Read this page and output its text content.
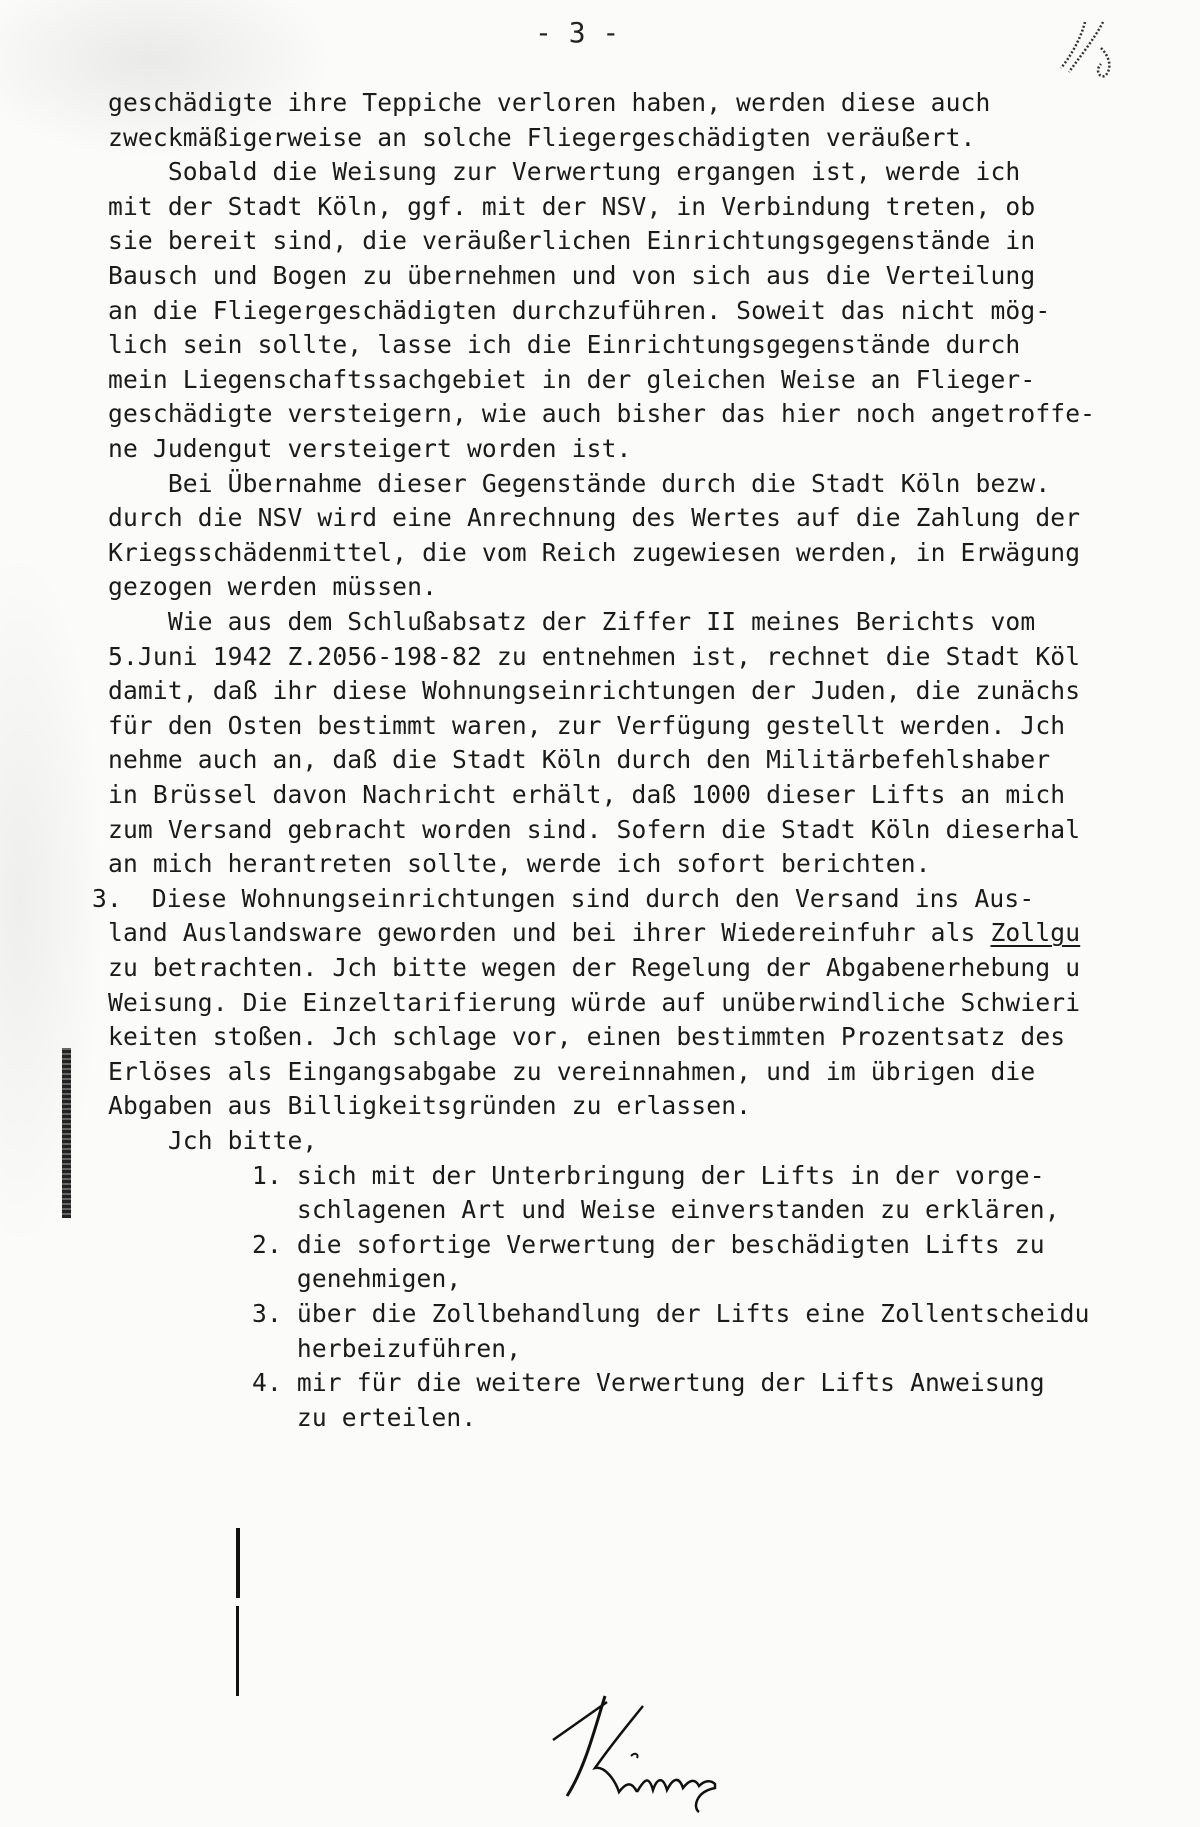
- 3 -
geschädigte ihre Teppiche verloren haben, werden diese auch
zweckmäßigerweise an solche Fliegergeschädigten veräußert.
Sobald die Weisung zur Verwertung ergangen ist, werde ich
mit der Stadt Köln, ggf. mit der NSV, in Verbindung treten, ob
sie bereit sind, die veräußerlichen Einrichtungsgegenstände in
Bausch und Bogen zu übernehmen und von sich aus die Verteilung
an die Fliegergeschädigten durchzuführen. Soweit das nicht mög-
lich sein sollte, lasse ich die Einrichtungsgegenstände durch
mein Liegenschaftssachgebiet in der gleichen Weise an Flieger-
geschädigte versteigern, wie auch bisher das hier noch angetroffe-
ne Judengut versteigert worden ist.
Bei Übernahme dieser Gegenstände durch die Stadt Köln bezw.
durch die NSV wird eine Anrechnung des Wertes auf die Zahlung der
Kriegsschädenmittel, die vom Reich zugewiesen werden, in Erwägung
gezogen werden müssen.
Wie aus dem Schlußabsatz der Ziffer II meines Berichts vom
5.Juni 1942 Z.2056-198-82 zu entnehmen ist, rechnet die Stadt Köl
damit, daß ihr diese Wohnungseinrichtungen der Juden, die zunächs
für den Osten bestimmt waren, zur Verfügung gestellt werden. Jch
nehme auch an, daß die Stadt Köln durch den Militärbefehlshaber
in Brüssel davon Nachricht erhält, daß 1000 dieser Lifts an mich
zum Versand gebracht worden sind. Sofern die Stadt Köln dieserhal
an mich herantreten sollte, werde ich sofort berichten.
3.  Diese Wohnungseinrichtungen sind durch den Versand ins Aus-
land Auslandsware geworden und bei ihrer Wiedereinfuhr als Zollgu
zu betrachten. Jch bitte wegen der Regelung der Abgabenerhebung u
Weisung. Die Einzeltarifierung würde auf unüberwindliche Schwieri
keiten stoßen. Jch schlage vor, einen bestimmten Prozentsatz des
Erlöses als Eingangsabgabe zu vereinnahmen, und im übrigen die
Abgaben aus Billigkeitsgründen zu erlassen.
Jch bitte,
1. sich mit der Unterbringung der Lifts in der vorge-
schlagenen Art und Weise einverstanden zu erklären,
2. die sofortige Verwertung der beschädigten Lifts zu
genehmigen,
3. über die Zollbehandlung der Lifts eine Zollentscheidu
herbeizuführen,
4. mir für die weitere Verwertung der Lifts Anweisung
zu erteilen.
